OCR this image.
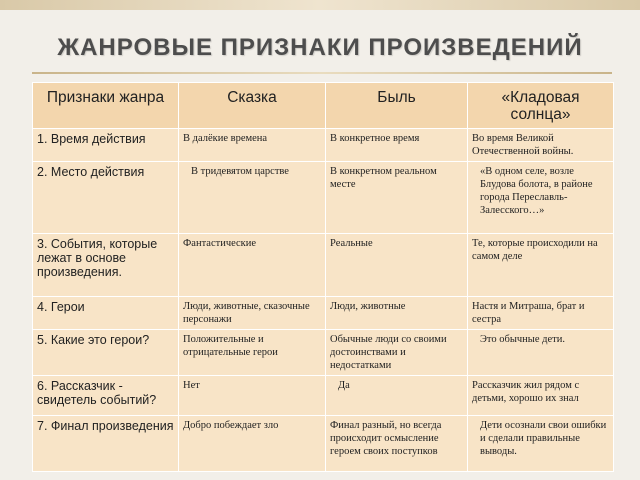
ЖАНРОВЫЕ ПРИЗНАКИ ПРОИЗВЕДЕНИЙ
Признаки жанра	Сказка	Быль	«Кладовая солнца»
1. Время действия	В далёкие времена	В конкретное время	Во время Великой Отечественной войны.
2. Место действия	В тридевятом царстве	В конкретном реальном месте	«В одном селе, возле Блудова болота, в районе города Переславль-Залесского…»
3. События, которые лежат в основе произведения.	Фантастические	Реальные	Те, которые происходили на самом деле
4. Герои	Люди, животные, сказочные персонажи	Люди, животные	Настя и Митраша, брат и сестра
5. Какие это герои?	Положительные и отрицательные герои	Обычные люди со своими достоинствами и недостатками	Это обычные дети.
6. Рассказчик - свидетель событий?	Нет	Да	Рассказчик жил рядом с детьми, хорошо их знал
7. Финал произведения	Добро побеждает зло	Финал разный, но всегда происходит осмысление героем своих поступков	Дети осознали свои ошибки и сделали правильные выводы.
